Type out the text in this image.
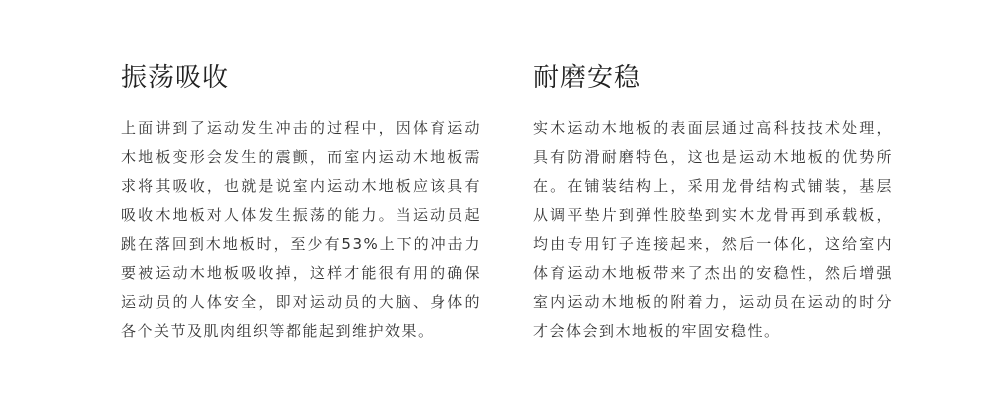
振荡吸收

上面讲到了运动发生冲击的过程中，因体育运动木地板变形会发生的震颤，而室内运动木地板需求将其吸收，也就是说室内运动木地板应该具有吸收木地板对人体发生振荡的能力。当运动员起跳在落回到木地板时，至少有53%上下的冲击力要被运动木地板吸收掉，这样才能很有用的确保运动员的人体安全，即对运动员的大脑、身体的各个关节及肌肉组织等都能起到维护效果。

耐磨安稳

实木运动木地板的表面层通过高科技技术处理，具有防滑耐磨特色，这也是运动木地板的优势所在。在铺装结构上，采用龙骨结构式铺装，基层从调平垫片到弹性胶垫到实木龙骨再到承载板，均由专用钉子连接起来，然后一体化，这给室内体育运动木地板带来了杰出的安稳性，然后增强室内运动木地板的附着力，运动员在运动的时分才会体会到木地板的牢固安稳性。
